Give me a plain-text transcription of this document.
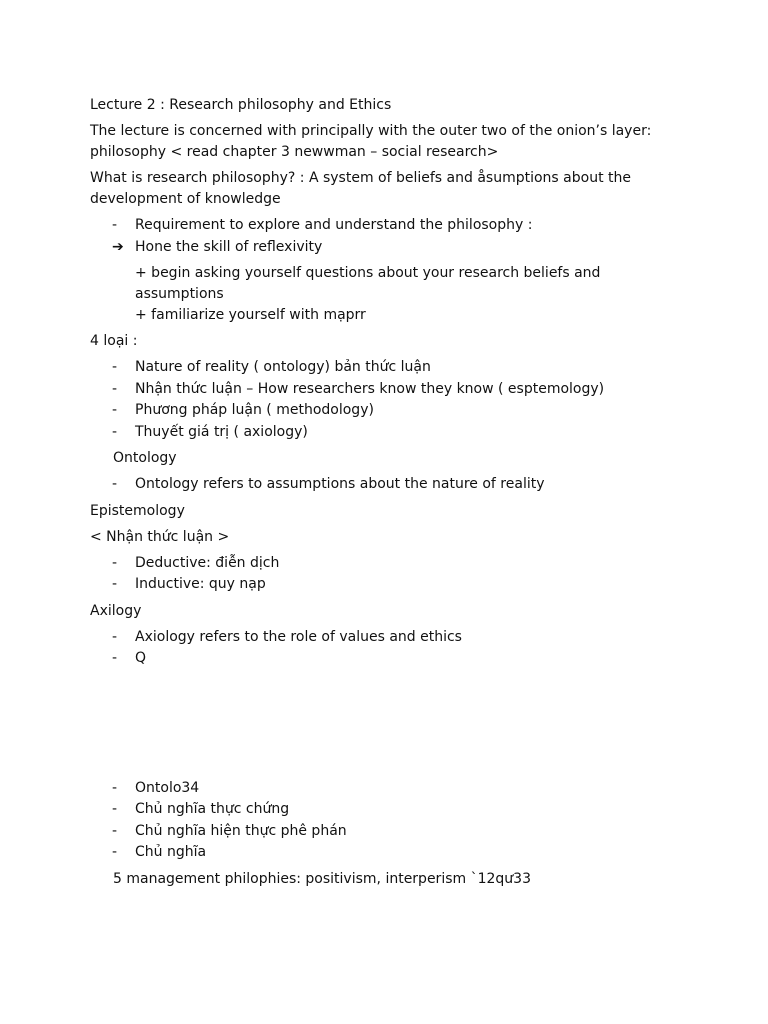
Lecture 2 : Research philosophy and Ethics

The lecture is concerned with principally with the outer two of the onion’s layer: philosophy < read chapter 3 newwman – social research>

What is research philosophy? : A system of beliefs and åsumptions about the development of knowledge

- Requirement to explore and understand the philosophy :
➔ Hone the skill of reflexivity

+ begin asking yourself questions about your research beliefs and assumptions

+ familiarize yourself with mạprr

4 loại :

- Nature of reality ( ontology) bản thức luận
- Nhận thức luận – How researchers know they know ( esptemology)
- Phương pháp luận ( methodology)
- Thuyết giá trị ( axiology)

Ontology

- Ontology refers to assumptions about the nature of reality

Epistemology

< Nhận thức luận >

- Deductive: điễn dịch
- Inductive: quy nạp

Axilogy

- Axiology refers to the role of values and ethics
- Q
- Ontolo34
- Chủ nghĩa thực chứng
- Chủ nghĩa hiện thực phê phán
- Chủ nghĩa

5 management philophies: positivism, interperism `12qư33
